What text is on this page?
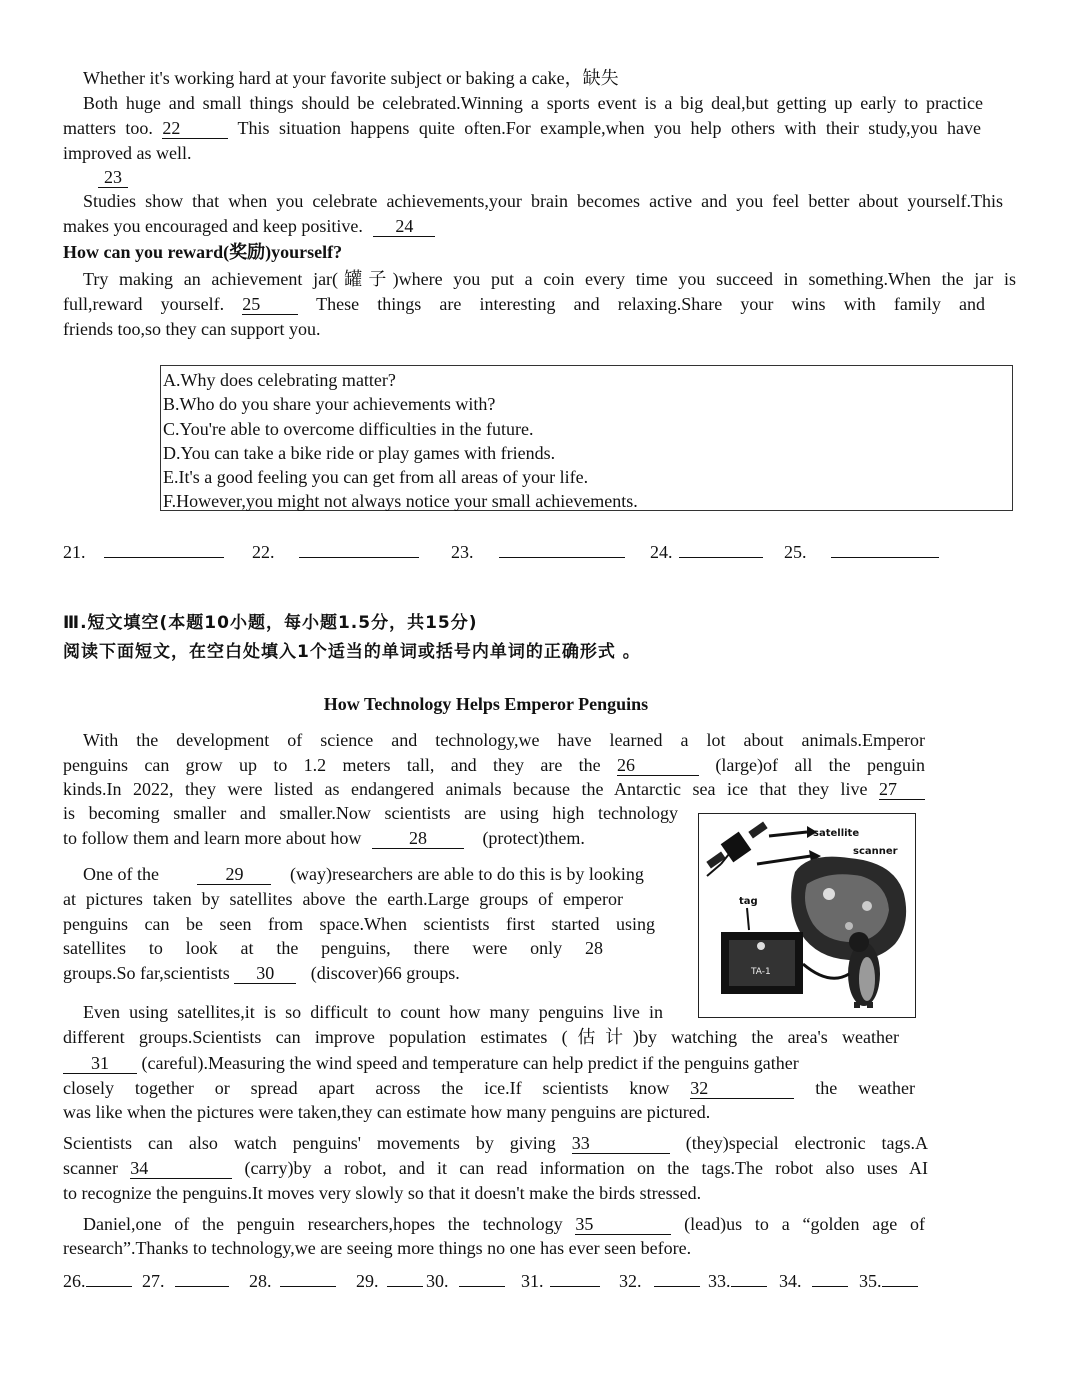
Whether it's working hard at your favorite subject or baking a cake，缺失
Both huge and small things should be celebrated.Winning a sports event is a big deal,but getting up early to practice
matters too. 22	This situation happens quite often.For example,when you help others with their study,you have
improved as well.
23
Studies show that when you celebrate achievements,your brain becomes active and you feel better about yourself.This
makes you encouraged and keep positive. 24
How can you reward(奖励)yourself?
Try making an achievement jar(罐子)where you put a coin every time you succeed in something.When the jar is
full,reward yourself. 25	These things are interesting and relaxing.Share your wins with family and
friends too,so they can support you.
A.Why does celebrating matter?
B.Who do you share your achievements with?
C.You're able to overcome difficulties in the future.
D.You can take a bike ride or play games with friends.
E.It's a good feeling you can get from all areas of your life.
F.However,you might not always notice your small achievements.
21.	22.	23.	24.	25.
Ⅲ.短文填空(本题10小题，每小题1.5分，共15分)
阅读下面短文，在空白处填入1个适当的单词或括号内单词的正确形式 。
How Technology Helps Emperor Penguins
With the development of science and technology,we have learned a lot about animals.Emperor
penguins can grow up to 1.2 meters tall, and they are the 26	(large)of all the penguin
kinds.In 2022, they were listed as endangered animals because the Antarctic sea ice that they live 27
is becoming smaller and smaller.Now scientists are using high technology
to follow them and learn more about how	28	(protect)them.
One of the	29	(way)researchers are able to do this is by looking
at pictures taken by satellites above the earth.Large groups of emperor
penguins can be seen from space.When scientists first started using
satellites to look at the penguins, there were only 28
groups.So far,scientists 30 (discover)66 groups.
satellite
scanner
tag
TA-1
Even using satellites,it is so difficult to count how many penguins live in
different groups.Scientists can improve population estimates (估计)by watching the area's weather
31 (careful).Measuring the wind speed and temperature can help predict if the penguins gather
closely together or spread apart across the ice.If scientists know 32	the weather
was like when the pictures were taken,they can estimate how many penguins are pictured.
Scientists can also watch penguins' movements by giving 33	(they)special electronic tags.A
scanner 34	(carry)by a robot, and it can read information on the tags.The robot also uses AI
to recognize the penguins.It moves very slowly so that it doesn't make the birds stressed.
Daniel,one of the penguin researchers,hopes the technology 35	(lead)us to a “golden age of
research”.Thanks to technology,we are seeing more things no one has ever seen before.
26.	27.	28.	29.	30.	31.	32.	33.	34.	35.
